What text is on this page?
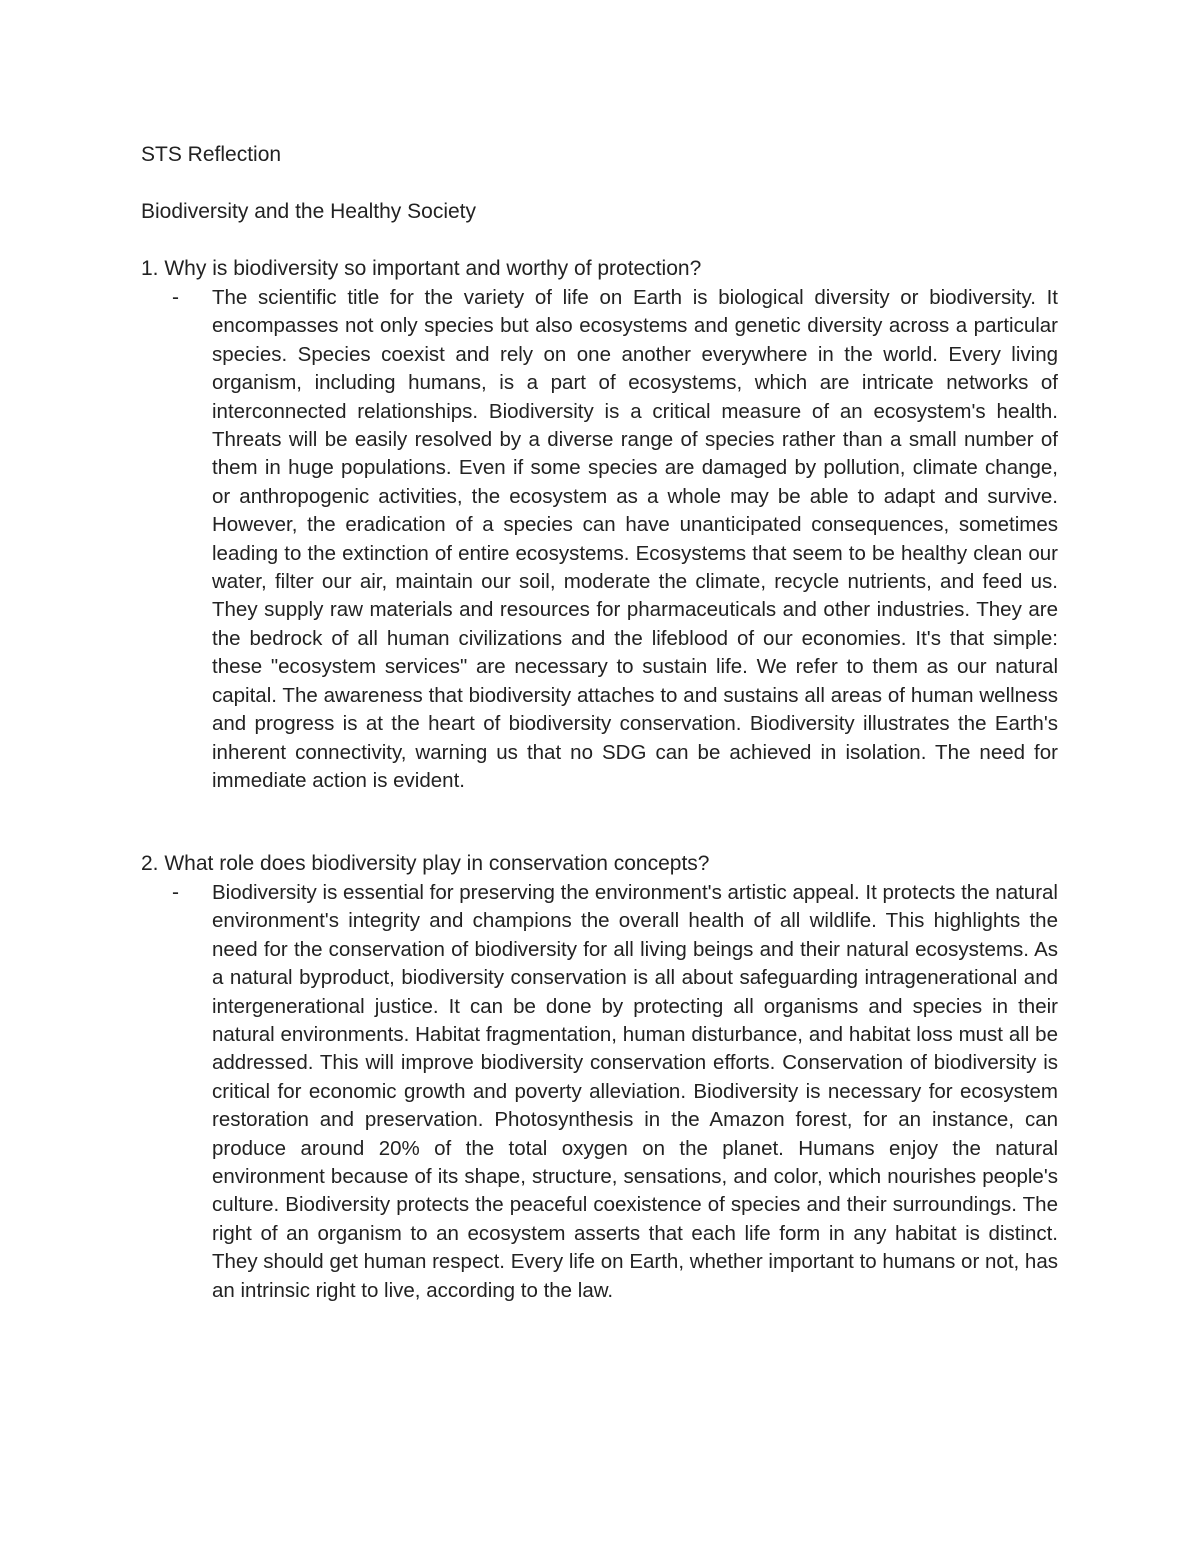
STS Reflection
Biodiversity and the Healthy Society
1. Why is biodiversity so important and worthy of protection?
- The scientific title for the variety of life on Earth is biological diversity or biodiversity. It encompasses not only species but also ecosystems and genetic diversity across a particular species. Species coexist and rely on one another everywhere in the world. Every living organism, including humans, is a part of ecosystems, which are intricate networks of interconnected relationships. Biodiversity is a critical measure of an ecosystem's health. Threats will be easily resolved by a diverse range of species rather than a small number of them in huge populations. Even if some species are damaged by pollution, climate change, or anthropogenic activities, the ecosystem as a whole may be able to adapt and survive. However, the eradication of a species can have unanticipated consequences, sometimes leading to the extinction of entire ecosystems. Ecosystems that seem to be healthy clean our water, filter our air, maintain our soil, moderate the climate, recycle nutrients, and feed us. They supply raw materials and resources for pharmaceuticals and other industries. They are the bedrock of all human civilizations and the lifeblood of our economies. It's that simple: these "ecosystem services" are necessary to sustain life. We refer to them as our natural capital. The awareness that biodiversity attaches to and sustains all areas of human wellness and progress is at the heart of biodiversity conservation. Biodiversity illustrates the Earth's inherent connectivity, warning us that no SDG can be achieved in isolation. The need for immediate action is evident.

2. What role does biodiversity play in conservation concepts?
- Biodiversity is essential for preserving the environment's artistic appeal. It protects the natural environment's integrity and champions the overall health of all wildlife. This highlights the need for the conservation of biodiversity for all living beings and their natural ecosystems. As a natural byproduct, biodiversity conservation is all about safeguarding intragenerational and intergenerational justice. It can be done by protecting all organisms and species in their natural environments. Habitat fragmentation, human disturbance, and habitat loss must all be addressed. This will improve biodiversity conservation efforts. Conservation of biodiversity is critical for economic growth and poverty alleviation. Biodiversity is necessary for ecosystem restoration and preservation. Photosynthesis in the Amazon forest, for an instance, can produce around 20% of the total oxygen on the planet. Humans enjoy the natural environment because of its shape, structure, sensations, and color, which nourishes people's culture. Biodiversity protects the peaceful coexistence of species and their surroundings. The right of an organism to an ecosystem asserts that each life form in any habitat is distinct. They should get human respect. Every life on Earth, whether important to humans or not, has an intrinsic right to live, according to the law.
